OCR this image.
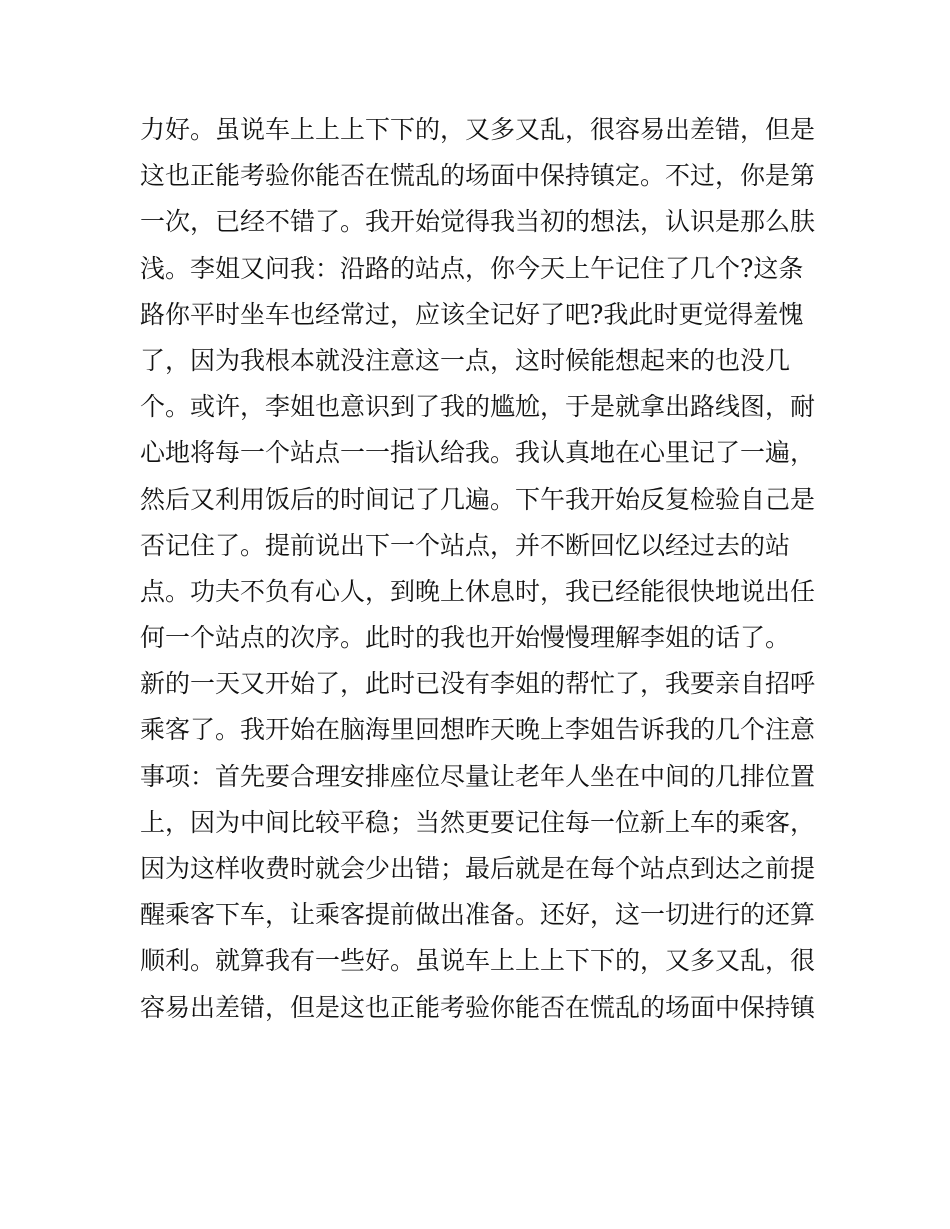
力好。虽说车上上上下下的，又多又乱，很容易出差错，但是
这也正能考验你能否在慌乱的场面中保持镇定。不过，你是第
一次，已经不错了。我开始觉得我当初的想法，认识是那么肤
浅。李姐又问我：沿路的站点，你今天上午记住了几个?这条
路你平时坐车也经常过，应该全记好了吧?我此时更觉得羞愧
了，因为我根本就没注意这一点，这时候能想起来的也没几
个。或许，李姐也意识到了我的尴尬，于是就拿出路线图，耐
心地将每一个站点一一指认给我。我认真地在心里记了一遍，
然后又利用饭后的时间记了几遍。下午我开始反复检验自己是
否记住了。提前说出下一个站点，并不断回忆以经过去的站
点。功夫不负有心人，到晚上休息时，我已经能很快地说出任
何一个站点的次序。此时的我也开始慢慢理解李姐的话了。
新的一天又开始了，此时已没有李姐的帮忙了，我要亲自招呼
乘客了。我开始在脑海里回想昨天晚上李姐告诉我的几个注意
事项：首先要合理安排座位尽量让老年人坐在中间的几排位置
上，因为中间比较平稳；当然更要记住每一位新上车的乘客，
因为这样收费时就会少出错；最后就是在每个站点到达之前提
醒乘客下车，让乘客提前做出准备。还好，这一切进行的还算
顺利。就算我有一些好。虽说车上上上下下的，又多又乱，很
容易出差错，但是这也正能考验你能否在慌乱的场面中保持镇
